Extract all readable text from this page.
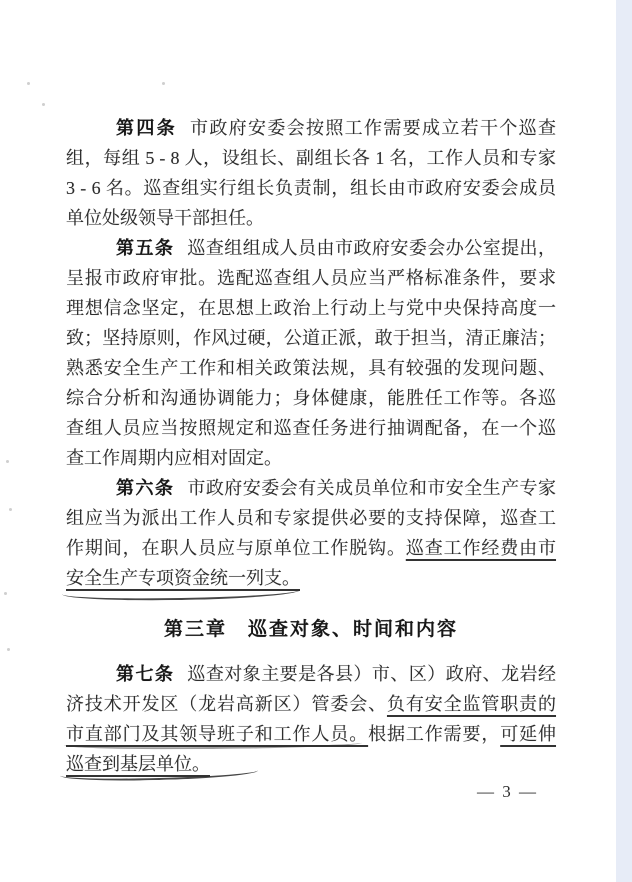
第四条 市政府安委会按照工作需要成立若干个巡查
组，每组 5 - 8 人，设组长、副组长各 1 名，工作人员和专家
3 - 6 名。巡查组实行组长负责制，组长由市政府安委会成员
单位处级领导干部担任。
第五条 巡查组组成人员由市政府安委会办公室提出，
呈报市政府审批。选配巡查组人员应当严格标准条件，要求
理想信念坚定，在思想上政治上行动上与党中央保持高度一
致；坚持原则，作风过硬，公道正派，敢于担当，清正廉洁；
熟悉安全生产工作和相关政策法规，具有较强的发现问题、
综合分析和沟通协调能力；身体健康，能胜任工作等。各巡
查组人员应当按照规定和巡查任务进行抽调配备，在一个巡
查工作周期内应相对固定。
第六条 市政府安委会有关成员单位和市安全生产专家
组应当为派出工作人员和专家提供必要的支持保障，巡查工
作期间，在职人员应与原单位工作脱钩。巡查工作经费由市
安全生产专项资金统一列支。
第三章　巡查对象、时间和内容
第七条 巡查对象主要是各县）市、区）政府、龙岩经
济技术开发区（龙岩高新区）管委会、负有安全监管职责的
市直部门及其领导班子和工作人员。根据工作需要，可延伸
巡查到基层单位。
— 3 —
